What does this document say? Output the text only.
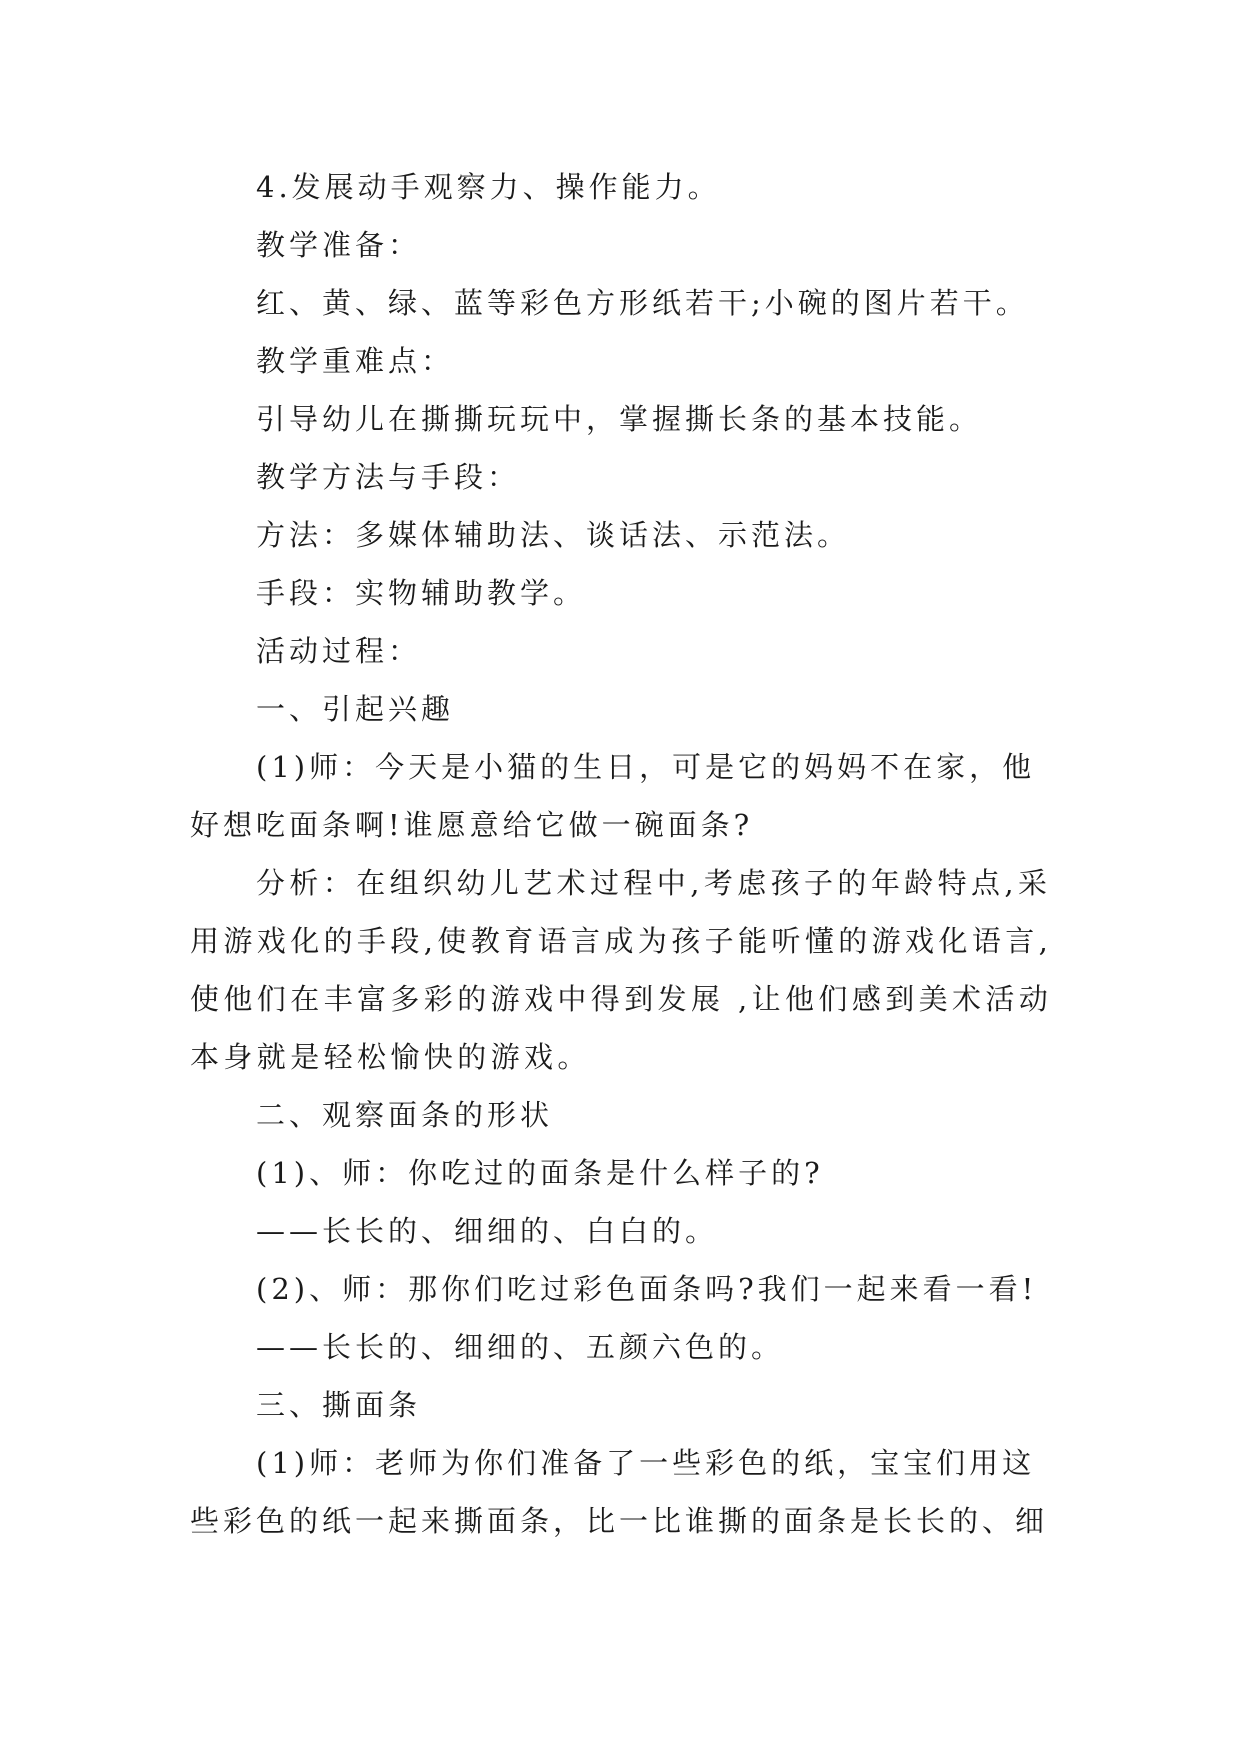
4.发展动手观察力、操作能力。

教学准备：

红、黄、绿、蓝等彩色方形纸若干;小碗的图片若干。

教学重难点：

引导幼儿在撕撕玩玩中，掌握撕长条的基本技能。

教学方法与手段：

方法：多媒体辅助法、谈话法、示范法。

手段：实物辅助教学。

活动过程：

一、引起兴趣

(1)师：今天是小猫的生日，可是它的妈妈不在家，他好想吃面条啊!谁愿意给它做一碗面条?

分析：在组织幼儿艺术过程中,考虑孩子的年龄特点,采用游戏化的手段,使教育语言成为孩子能听懂的游戏化语言,使他们在丰富多彩的游戏中得到发展 ,让他们感到美术活动本身就是轻松愉快的游戏。

二、观察面条的形状

(1)、师：你吃过的面条是什么样子的?

——长长的、细细的、白白的。

(2)、师：那你们吃过彩色面条吗?我们一起来看一看!

——长长的、细细的、五颜六色的。

三、撕面条

(1)师：老师为你们准备了一些彩色的纸，宝宝们用这些彩色的纸一起来撕面条，比一比谁撕的面条是长长的、细
